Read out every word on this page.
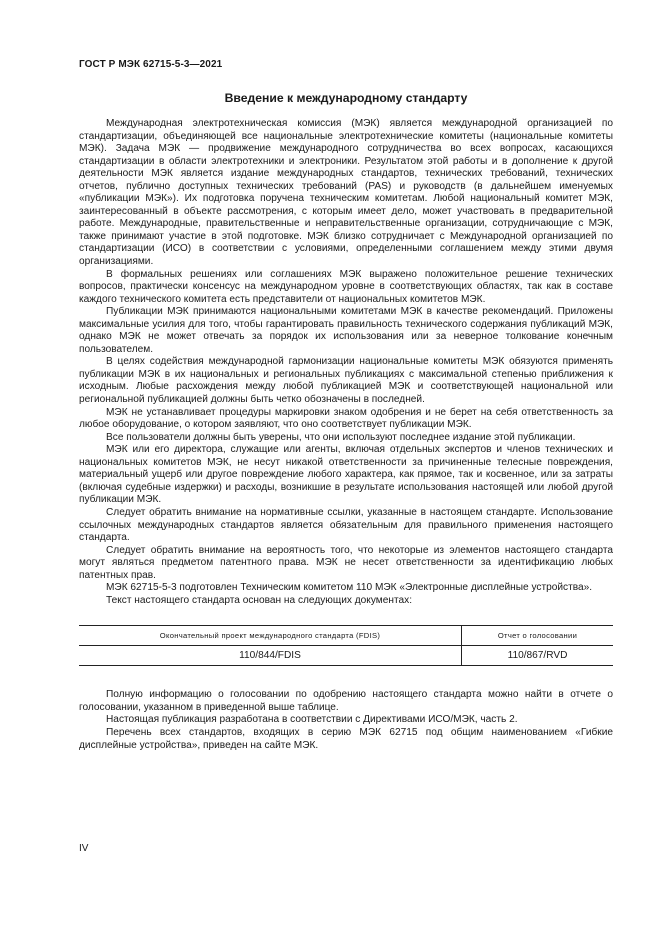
ГОСТ Р МЭК 62715-5-3—2021
Введение к международному стандарту

Международная электротехническая комиссия (МЭК) является международной организацией по стандартизации, объединяющей все национальные электротехнические комитеты (национальные комитеты МЭК). Задача МЭК — продвижение международного сотрудничества во всех вопросах, касающихся стандартизации в области электротехники и электроники. Результатом этой работы и в дополнение к другой деятельности МЭК является издание международных стандартов, технических требований, технических отчетов, публично доступных технических требований (PAS) и руководств (в дальнейшем именуемых «публикации МЭК»). Их подготовка поручена техническим комитетам. Любой национальный комитет МЭК, заинтересованный в объекте рассмотрения, с которым имеет дело, может участвовать в предварительной работе. Международные, правительственные и неправительственные организации, сотрудничающие с МЭК, также принимают участие в этой подготовке. МЭК близко сотрудничает с Международной организацией по стандартизации (ИСО) в соответствии с условиями, определенными соглашением между этими двумя организациями.

В формальных решениях или соглашениях МЭК выражено положительное решение технических вопросов, практически консенсус на международном уровне в соответствующих областях, так как в составе каждого технического комитета есть представители от национальных комитетов МЭК.

Публикации МЭК принимаются национальными комитетами МЭК в качестве рекомендаций. Приложены максимальные усилия для того, чтобы гарантировать правильность технического содержания публикаций МЭК, однако МЭК не может отвечать за порядок их использования или за неверное толкование конечным пользователем.

В целях содействия международной гармонизации национальные комитеты МЭК обязуются применять публикации МЭК в их национальных и региональных публикациях с максимальной степенью приближения к исходным. Любые расхождения между любой публикацией МЭК и соответствующей национальной или региональной публикацией должны быть четко обозначены в последней.

МЭК не устанавливает процедуры маркировки знаком одобрения и не берет на себя ответственность за любое оборудование, о котором заявляют, что оно соответствует публикации МЭК.

Все пользователи должны быть уверены, что они используют последнее издание этой публикации.

МЭК или его директора, служащие или агенты, включая отдельных экспертов и членов технических и национальных комитетов МЭК, не несут никакой ответственности за причиненные телесные повреждения, материальный ущерб или другое повреждение любого характера, как прямое, так и косвенное, или за затраты (включая судебные издержки) и расходы, возникшие в результате использования настоящей или любой другой публикации МЭК.

Следует обратить внимание на нормативные ссылки, указанные в настоящем стандарте. Использование ссылочных международных стандартов является обязательным для правильного применения настоящего стандарта.

Следует обратить внимание на вероятность того, что некоторые из элементов настоящего стандарта могут являться предметом патентного права. МЭК не несет ответственности за идентификацию любых патентных прав.

МЭК 62715-5-3 подготовлен Техническим комитетом 110 МЭК «Электронные дисплейные устройства».

Текст настоящего стандарта основан на следующих документах:

Окончательный проект международного стандарта (FDIS)	Отчет о голосовании
110/844/FDIS	110/867/RVD

Полную информацию о голосовании по одобрению настоящего стандарта можно найти в отчете о голосовании, указанном в приведенной выше таблице.

Настоящая публикация разработана в соответствии с Директивами ИСО/МЭК, часть 2.

Перечень всех стандартов, входящих в серию МЭК 62715 под общим наименованием «Гибкие дисплейные устройства», приведен на сайте МЭК.

IV
